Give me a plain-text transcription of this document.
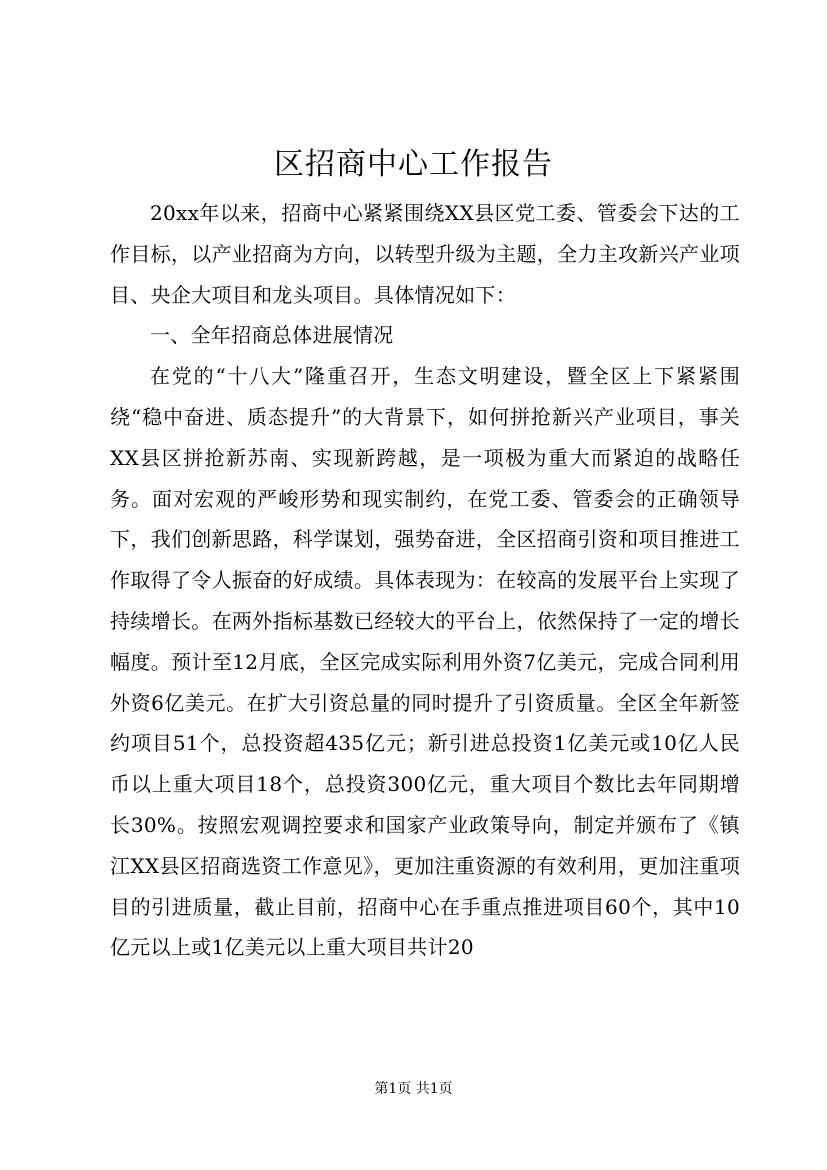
区招商中心工作报告

20xx年以来，招商中心紧紧围绕XX县区党工委、管委会下达的工作目标，以产业招商为方向，以转型升级为主题，全力主攻新兴产业项目、央企大项目和龙头项目。具体情况如下：

一、全年招商总体进展情况

在党的“十八大”隆重召开，生态文明建设，暨全区上下紧紧围绕“稳中奋进、质态提升”的大背景下，如何拼抢新兴产业项目，事关XX县区拼抢新苏南、实现新跨越，是一项极为重大而紧迫的战略任务。面对宏观的严峻形势和现实制约，在党工委、管委会的正确领导下，我们创新思路，科学谋划，强势奋进，全区招商引资和项目推进工作取得了令人振奋的好成绩。具体表现为：在较高的发展平台上实现了持续增长。在两外指标基数已经较大的平台上，依然保持了一定的增长幅度。预计至12月底，全区完成实际利用外资7亿美元，完成合同利用外资6亿美元。在扩大引资总量的同时提升了引资质量。全区全年新签约项目51个，总投资超435亿元；新引进总投资1亿美元或10亿人民币以上重大项目18个，总投资300亿元，重大项目个数比去年同期增长30%。按照宏观调控要求和国家产业政策导向，制定并颁布了《镇江XX县区招商选资工作意见》，更加注重资源的有效利用，更加注重项目的引进质量，截止目前，招商中心在手重点推进项目60个，其中10亿元以上或1亿美元以上重大项目共计20

第1页 共1页
